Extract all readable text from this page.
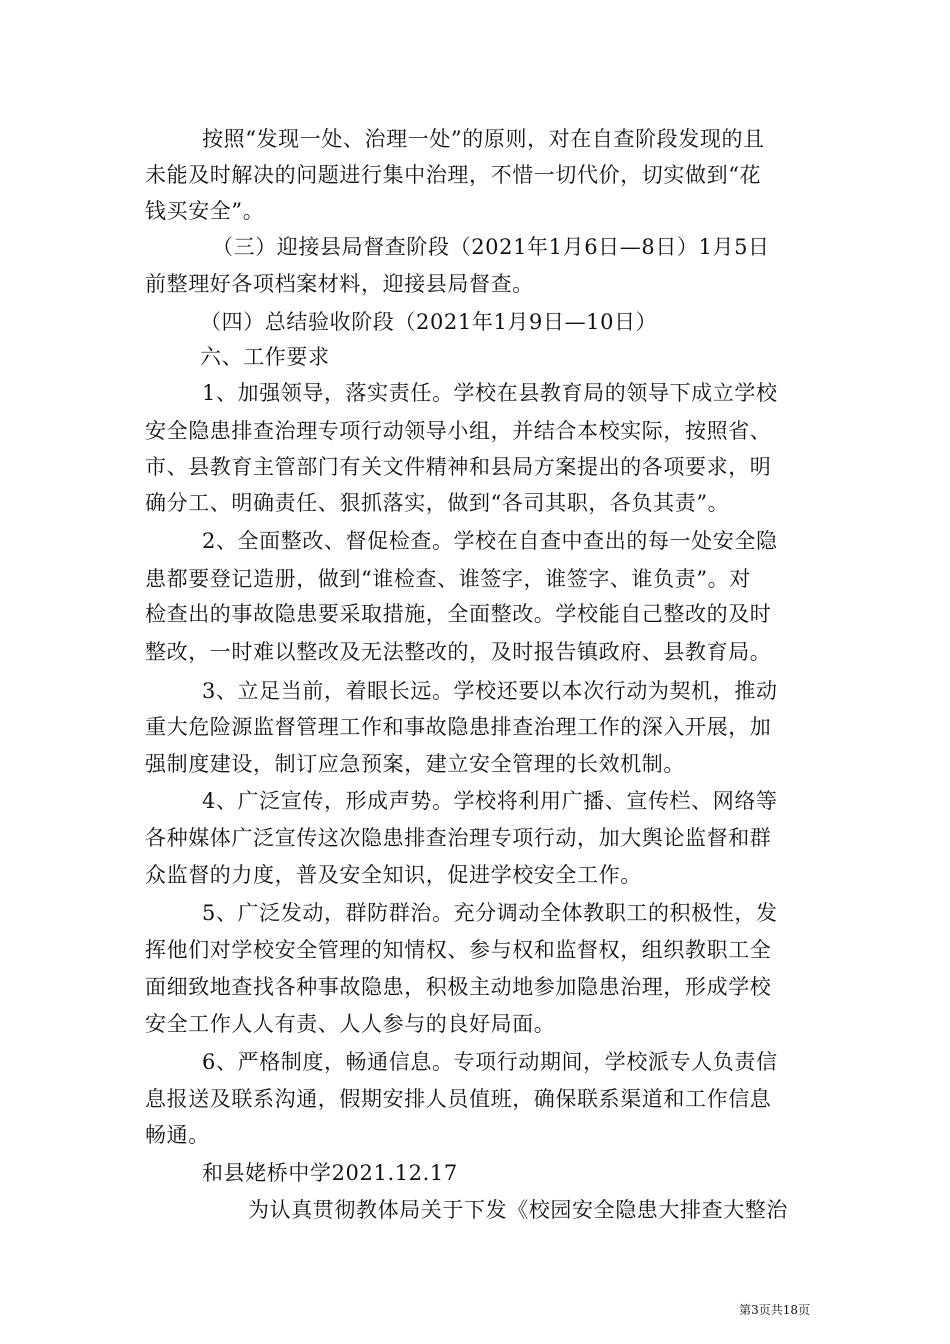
按照“发现一处、治理一处”的原则，对在自查阶段发现的且
未能及时解决的问题进行集中治理，不惜一切代价，切实做到“花
钱买安全”。
（三）迎接县局督查阶段（2021年1月6日—8日）1月5日
前整理好各项档案材料，迎接县局督查。
（四）总结验收阶段（2021年1月9日—10日）
六、工作要求
1、加强领导，落实责任。学校在县教育局的领导下成立学校
安全隐患排查治理专项行动领导小组，并结合本校实际，按照省、
市、县教育主管部门有关文件精神和县局方案提出的各项要求，明
确分工、明确责任、狠抓落实，做到“各司其职，各负其责”。
2、全面整改、督促检查。学校在自查中查出的每一处安全隐
患都要登记造册，做到“谁检查、谁签字，谁签字、谁负责”。对
检查出的事故隐患要采取措施，全面整改。学校能自己整改的及时
整改，一时难以整改及无法整改的，及时报告镇政府、县教育局。
3、立足当前，着眼长远。学校还要以本次行动为契机，推动
重大危险源监督管理工作和事故隐患排查治理工作的深入开展，加
强制度建设，制订应急预案，建立安全管理的长效机制。
4、广泛宣传，形成声势。学校将利用广播、宣传栏、网络等
各种媒体广泛宣传这次隐患排查治理专项行动，加大舆论监督和群
众监督的力度，普及安全知识，促进学校安全工作。
5、广泛发动，群防群治。充分调动全体教职工的积极性，发
挥他们对学校安全管理的知情权、参与权和监督权，组织教职工全
面细致地查找各种事故隐患，积极主动地参加隐患治理，形成学校
安全工作人人有责、人人参与的良好局面。
6、严格制度，畅通信息。专项行动期间，学校派专人负责信
息报送及联系沟通，假期安排人员值班，确保联系渠道和工作信息
畅通。
和县姥桥中学2021.12.17
为认真贯彻教体局关于下发《校园安全隐患大排查大整治
第3页共18页
